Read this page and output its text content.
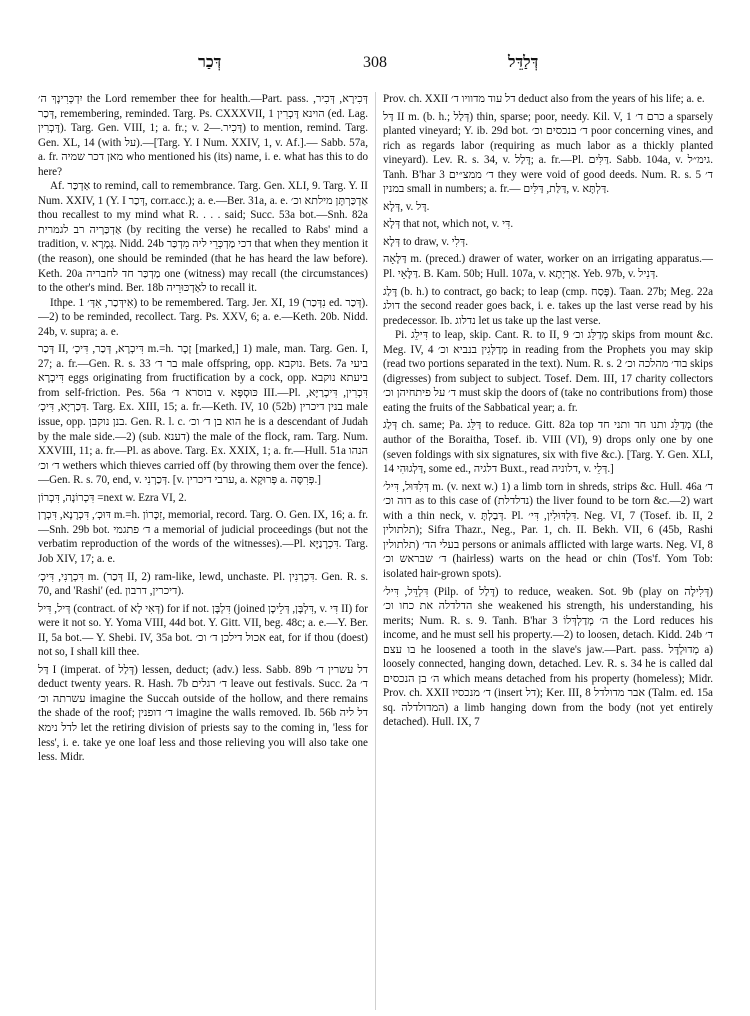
דְּכַר	308	דְּלַדֵּל

יִדְכְּרִינָךְ ה׳ the Lord remember thee for health.—Part. pass. דְּכִירָא, דְּכִיר, דְּכַר, remembering, reminded. Targ. Ps. CXXXVII, 1 הוינא דָּכְרִין (ed. Lag. דָּכְרִין). Targ. Gen. VIII, 1; a. fr.; v. דְּכִיר.—2) to mention, remind. Targ. Gen. XL, 14 (with על).—[Targ. Y. I Num. XXIV, 1, v. Af.].— Sabb. 57a, a. fr. מאן דכר שמיה who mentioned his (its) name, i. e. what has this to do here?

Af. אַדְכַּר to remind, call to remembrance. Targ. Gen. XLI, 9. Targ. Y. II Num. XXIV, 1 (Y. I דְּכַר, corr.acc.); a. e.—Ber. 31a, a. e. אַדְכַּרְתָּן מילתא וכ׳ thou recallest to my mind what R. . . . said; Succ. 53a bot.—Snh. 82a אַדְכַּרְיה רב לגמרית (by reciting the verse) he recalled to Rabs' mind a tradition, v. גְּמָרָא. Nidd. 24b דכי מַדְכְּרֵי ליה מִדְכַּר that when they mention it (the reason), one should be reminded (that he has heard the law before). Keth. 20a מַדְכַּר חד לחבריה one (witness) may recall (the circumstances) to the other's mind. Ber. 18b לאַדְכּוּרֵיה to recall it.

Ithpe. אִידְּכַר, אִדְּ׳ 1) to be remembered. Targ. Jer. XI, 19 (נִדְּכַר ed. דְּכַר).—2) to be reminded, recollect. Targ. Ps. XXV, 6; a. e.—Keth. 20b. Nidd. 24b, v. supra; a. e.

דְּכַר II, דִּיכְרָא, דְּכַר, דִּיכְ׳ m.=h. זָכָר [marked,] 1) male, man. Targ. Gen. I, 27; a. fr.—Gen. R. s. 33 בר ד׳ male offspring, opp. נוקבא. Bets. 7a ביעי דִּיכְרָא eggs originating from fructification by a cock, opp. ביעתא נוקבא from self-friction. Pes. 56a בוסרא ד׳ v. כּוּסְפָּא III.—Pl. דִּכְרִין, דִּיכְרַיָּא, דְּכַרְיָא, דִּיכְ׳. Targ. Ex. XIII, 15; a. fr.—Keth. IV, 10 (52b) בנין דיכרין male issue, opp. בנן נוקבן. Gen. R. l. c. הוא בן ד׳ וכ׳ he is a descendant of Judah by the male side.—2) (sub. דענא) the male of the flock, ram. Targ. Num. XXVIII, 11; a. fr.—Pl. as above. Targ. Ex. XXIX, 1; a. fr.—Hull. 51a הנהו ד׳ וכ׳ wethers which thieves carried off (by throwing them over the fence).—Gen. R. s. 70, end, v. דְּכַרְנִי. [v. ערבי דיכרין, a. פְּרוּקָא a. פְּרִסָּה.]

דִּכְרוֹנָה, דִּכְרוֹן =next w. Ezra VI, 2.

דּוּכְ׳, דִּכְרָנָא, דִּכְרָן m.=h. זִכָּרוֹן, memorial, record. Targ. O. Gen. IX, 16; a. fr.—Snh. 29b bot. ד׳ פתגמי a memorial of judicial proceedings (but not the verbatim reproduction of the words of the witnesses).—Pl. דִּכְרָנַיָּא. Targ. Job XIV, 17; a. e.

דִּכְרָנִי, דִּיכְ׳ m. (דְּכַר II, 2) ram-like, lewd, unchaste. Pl. דִּכְרָנִין. Gen. R. s. 70, and 'Rashi' (ed. דיכרין, דרבון).

דְּיל, דִּיל (contract. of דְּאִי לָא) for if not. דִּלְבָּן (joined דִּלְבָּן, דְּלֵיכָן, v. דִּי II) for were it not so. Y. Yoma VIII, 44d bot. Y. Gitt. VII, beg. 48c; a. e.—Y. Ber. II, 5a bot.— Y. Shebi. IV, 35a bot. אכול דילכן ד׳ וכ׳ eat, for if thou (doest) not so, I shall kill thee.

דַּל I (imperat. of דְּלַל) lessen, deduct; (adv.) less. Sabb. 89b דל עשרין ד׳ deduct twenty years. R. Hash. 7b ד׳ רגלים leave out festivals. Succ. 2a ד׳ עשרתה וכ׳ imagine the Succah outside of the hollow, and there remains the shade of the roof; ד׳ דופנין imagine the walls removed. Ib. 56b דל ליה לדל נימא let the retiring division of priests say to the coming in, 'less for less', i. e. take ye one loaf less and those relieving you will also take one less. Midr.

Prov. ch. XXII דל עוד מדוויו ד׳ deduct also from the years of his life; a. e.

דַּל II m. (b. h.; דְּלַל) thin, sparse; poor, needy. Kil. V, 1 כרם ד׳ a sparsely planted vineyard; Y. ib. 29d bot. ד׳ בנכסים וכ׳ poor concerning vines, and rich as regards labor (requiring as much labor as a thickly planted vineyard). Lev. R. s. 34, v. דָּלַל; a. fr.—Pl. דַּלִּים. Sabb. 104a, v. גימ״ל. Tanh. B'har 3 ד׳ ממצ״ים they were void of good deeds. Num. R. s. 5 ד׳ במנין small in numbers; a. fr.— דַּלַּת, דַּלִּים, v. דַּלְתָּא.

דְּלָא, v. דָּל.

דְּלָא that not, which not, v. דִּי.

דְּלָא to draw, v. דְּלִי.

דַּלָּאָה m. (preced.) drawer of water, worker on an irrigating apparatus.—Pl. דַּלָּאֵי. B. Kam. 50b; Hull. 107a, v. אַרְיָתָא. Yeb. 97b, v. דְּנִיל.

דָּלַג (b. h.) to contract, go back; to leap (cmp. פָּסַח). Taan. 27b; Meg. 22a דולג the second reader goes back, i. e. takes up the last verse read by his predecessor. Ib. נדלוג let us take up the last verse.

Pi. דִּילֵג to leap, skip. Cant. R. to II, 9 מְדַלֵּג וכ׳ skips from mount &c. Meg. IV, 4 מְדַלְּגִין בנביא וכ׳ in reading from the Prophets you may skip (read two portions separated in the text). Num. R. s. 2 בוד׳ מהלכה וכ׳ skips (digresses) from subject to subject. Tosef. Dem. III, 17 charity collectors ד׳ על פיתחיהן וכ׳ must skip the doors of (take no contributions from) those eating the fruits of the Sabbatical year; a. fr.

דְּלַג ch. same; Pa. דַּלֵּג to reduce. Gitt. 82a top מְדַלֵּג ותנו חד ותני חד (the author of the Boraitha, Tosef. ib. VIII (VI), 9) drops only one by one (seven foldings with six signatures, six with five &c.). [Targ. Y. Gen. XLI, 14 דַּלְגוּהִי, some ed., דלגיה Buxt., read דלוניה, v. דְּלֵי.]

דְּלִדּוּל, דִּיל׳ m. (v. next w.) 1) a limb torn in shreds, strips &c. Hull. 46a ד׳ דוה וכ׳ as to this case of (נדלדלת) the liver found to be torn &c.—2) wart with a thin neck, v. דְּבַלְתָּ. Pl. דִּלְדּוּלִין, דִּי׳. Neg. VI, 7 (Tosef. ib. II, 2 תלתולין); Sifra Thazr., Neg., Par. 1, ch. II. Bekh. VII, 6 (45b, Rashi תלתולין) בעלי הד׳ persons or animals afflicted with large warts. Neg. VI, 8 ד׳ שבראש וכ׳ (hairless) warts on the head or chin (Tos'f. Yom Tob: isolated hair-grown spots).

דִּלְדֵּל, דִּיל׳ (Pilp. of דָּלַל) to reduce, weaken. Sot. 9b (play on דְּלִילָה) הדלדלה את כחו וכ׳ she weakened his strength, his understanding, his merits; Num. R. s. 9. Tanh. B'har 3 ה׳ מְדַלְדְּלוֹ the Lord reduces his income, and he must sell his property.—2) to loosen, detach. Kidd. 24b ד׳ בו עצם he loosened a tooth in the slave's jaw.—Part. pass. מְדוּלְדָּל a) loosely connected, hanging down, detached. Lev. R. s. 34 he is called dal ה׳ בן הנכסים which means detached from his property (homeless); Midr. Prov. ch. XXII ד׳ מנכסיו (insert דל); Ker. III, 8 אבר מדולדל (Talm. ed. 15a sq. המדולדלה) a limb hanging down from the body (not yet entirely detached). Hull. IX, 7
